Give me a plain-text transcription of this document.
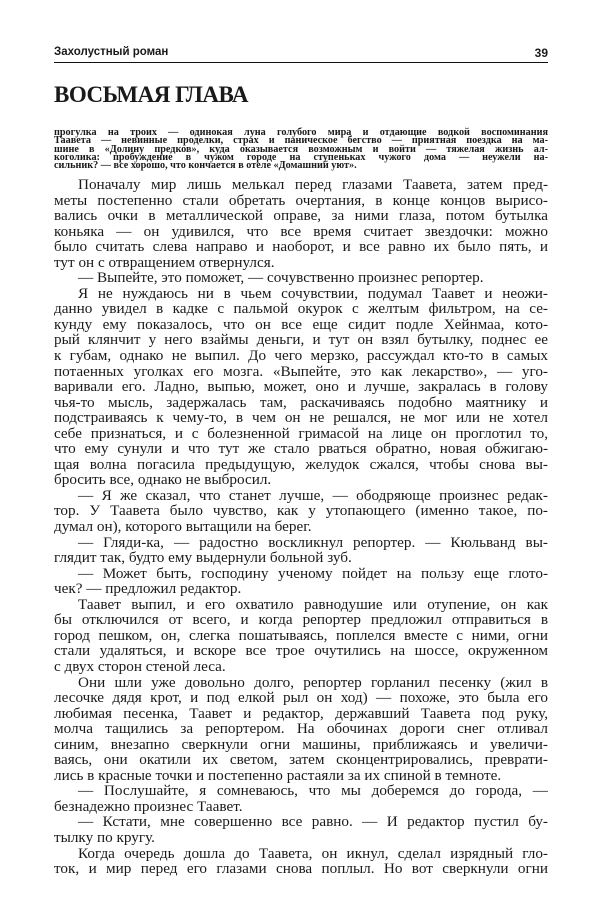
Захолустный роман	39
ВОСЬМАЯ ГЛАВА
прогулка на троих — одинокая луна голубого мира и отдающие водкой воспоминания
Таавета — невинные проделки, страх и паническое бегство — приятная поездка на ма-
шине в «Долину предков», куда оказывается возможным и войти — тяжелая жизнь ал-
коголика: пробуждение в чужом городе на ступеньках чужого дома — неужели на-
сильник? — все хорошо, что кончается в отеле «Домашний уют».
Поначалу мир лишь мелькал перед глазами Таавета, затем пред-
меты постепенно стали обретать очертания, в конце концов вырисо-
вались очки в металлической оправе, за ними глаза, потом бутылка
коньяка — он удивился, что все время считает звездочки: можно
было считать слева направо и наоборот, и все равно их было пять, и
тут он с отвращением отвернулся.
— Выпейте, это поможет, — сочувственно произнес репортер.
Я не нуждаюсь ни в чьем сочувствии, подумал Таавет и неожи-
данно увидел в кадке с пальмой окурок с желтым фильтром, на се-
кунду ему показалось, что он все еще сидит подле Хейнмаа, кото-
рый клянчит у него взаймы деньги, и тут он взял бутылку, поднес ее
к губам, однако не выпил. До чего мерзко, рассуждал кто-то в самых
потаенных уголках его мозга. «Выпейте, это как лекарство», — уго-
варивали его. Ладно, выпью, может, оно и лучше, закралась в голову
чья-то мысль, задержалась там, раскачиваясь подобно маятнику и
подстраиваясь к чему-то, в чем он не решался, не мог или не хотел
себе признаться, и с болезненной гримасой на лице он проглотил то,
что ему сунули и что тут же стало рваться обратно, новая обжигаю-
щая волна погасила предыдущую, желудок сжался, чтобы снова вы-
бросить все, однако не выбросил.
— Я же сказал, что станет лучше, — ободряюще произнес редак-
тор. У Таавета было чувство, как у утопающего (именно такое, по-
думал он), которого вытащили на берег.
— Гляди-ка, — радостно воскликнул репортер. — Кюльванд вы-
глядит так, будто ему выдернули больной зуб.
— Может быть, господину ученому пойдет на пользу еще глото-
чек? — предложил редактор.
Таавет выпил, и его охватило равнодушие или отупение, он как
бы отключился от всего, и когда репортер предложил отправиться в
город пешком, он, слегка пошатываясь, поплелся вместе с ними, огни
стали удаляться, и вскоре все трое очутились на шоссе, окруженном
с двух сторон стеной леса.
Они шли уже довольно долго, репортер горланил песенку (жил в
лесочке дядя крот, и под елкой рыл он ход) — похоже, это была его
любимая песенка, Таавет и редактор, державший Таавета под руку,
молча тащились за репортером. На обочинах дороги снег отливал
синим, внезапно сверкнули огни машины, приближаясь и увеличи-
ваясь, они окатили их светом, затем сконцентрировались, преврати-
лись в красные точки и постепенно растаяли за их спиной в темноте.
— Послушайте, я сомневаюсь, что мы доберемся до города, —
безнадежно произнес Таавет.
— Кстати, мне совершенно все равно. — И редактор пустил бу-
тылку по кругу.
Когда очередь дошла до Таавета, он икнул, сделал изрядный гло-
ток, и мир перед его глазами снова поплыл. Но вот сверкнули огни
